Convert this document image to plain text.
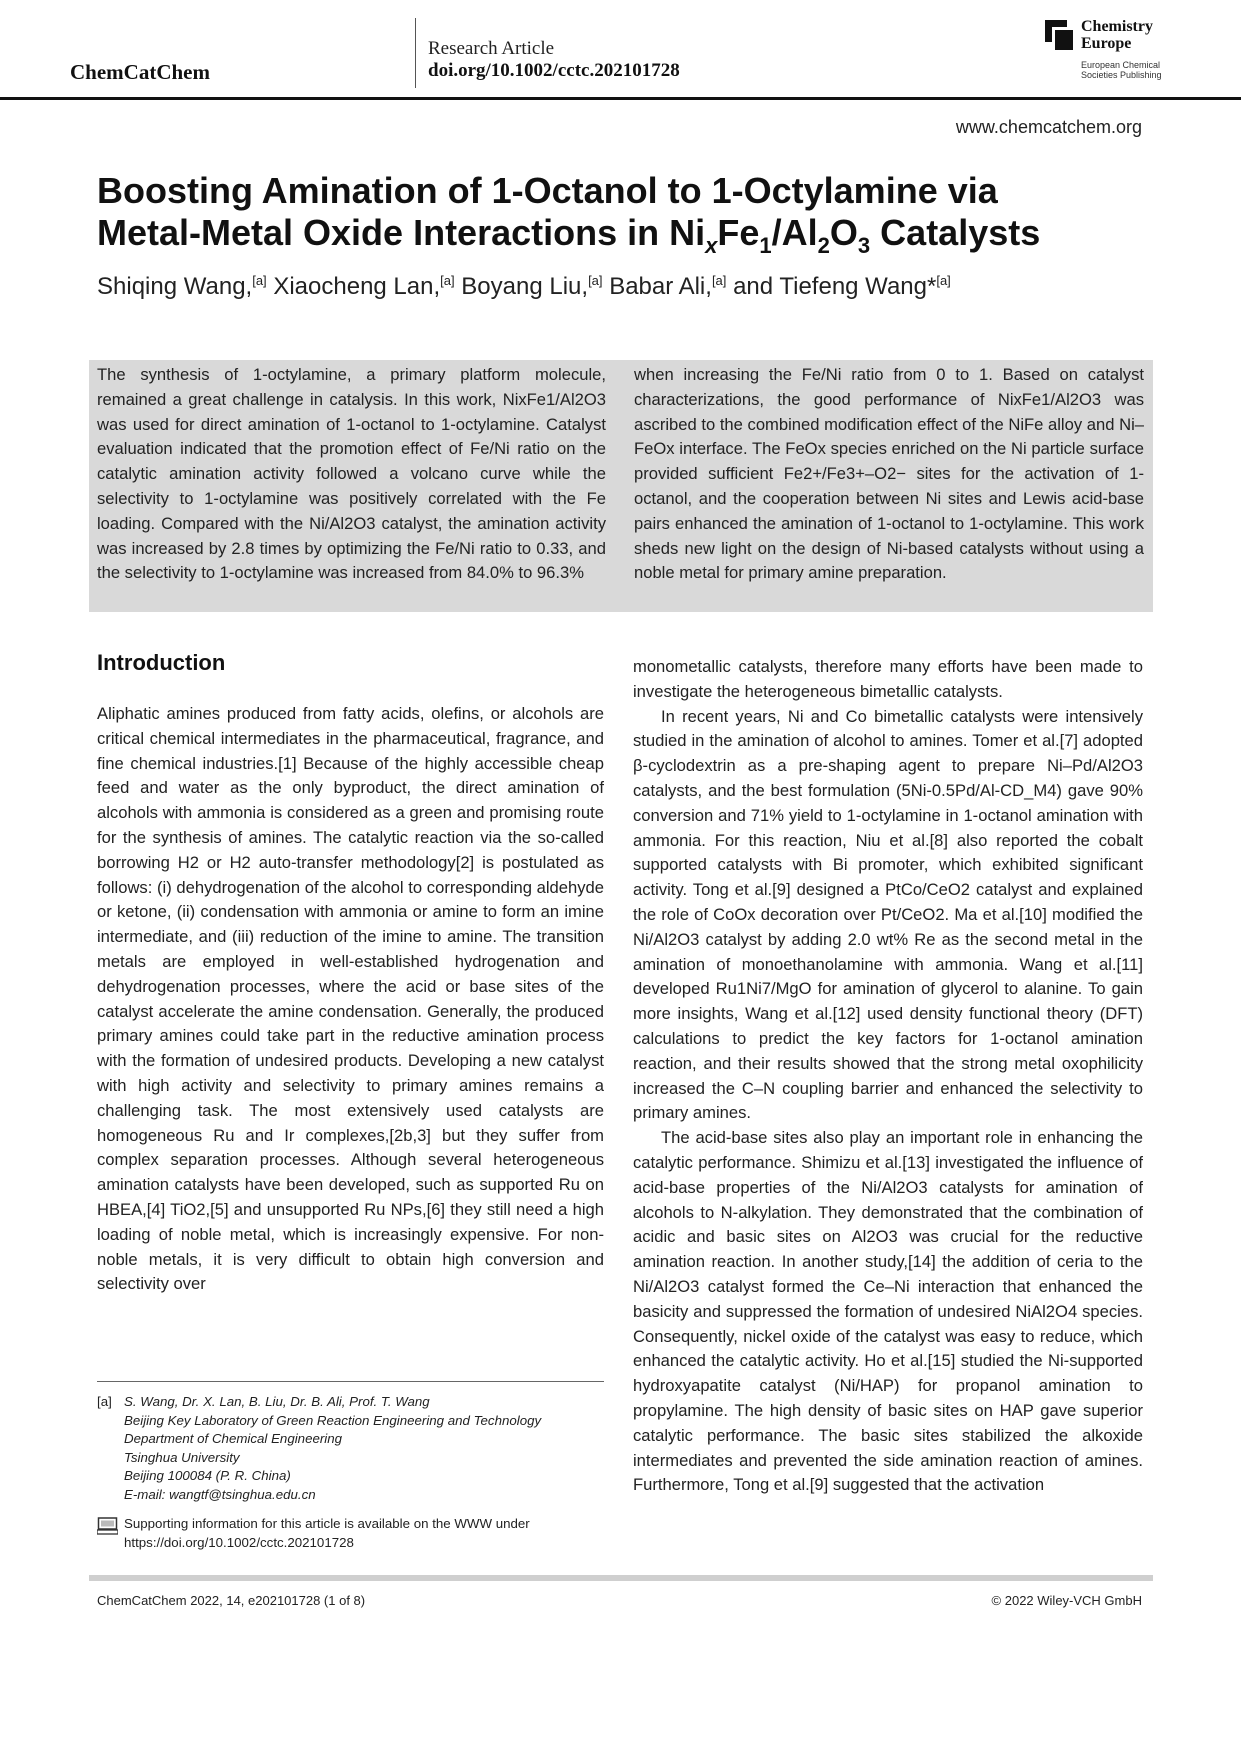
ChemCatChem
Research Article
doi.org/10.1002/cctc.202101728
Chemistry
Europe
European Chemical
Societies Publishing
www.chemcatchem.org
Boosting Amination of 1-Octanol to 1-Octylamine via
Metal-Metal Oxide Interactions in $Ni_xFe_1/Al_2O_3$ Catalysts
Shiqing Wang,[a] Xiaocheng Lan,[a] Boyang Liu,[a] Babar Ali,[a] and Tiefeng Wang*[a]
The synthesis of 1-octylamine, a primary platform molecule, remained a great challenge in catalysis. In this work, NixFe1/Al2O3 was used for direct amination of 1-octanol to 1-octylamine. Catalyst evaluation indicated that the promotion effect of Fe/Ni ratio on the catalytic amination activity followed a volcano curve while the selectivity to 1-octylamine was positively correlated with the Fe loading. Compared with the Ni/Al2O3 catalyst, the amination activity was increased by 2.8 times by optimizing the Fe/Ni ratio to 0.33, and the selectivity to 1-octylamine was increased from 84.0% to 96.3%
when increasing the Fe/Ni ratio from 0 to 1. Based on catalyst characterizations, the good performance of NixFe1/Al2O3 was ascribed to the combined modification effect of the NiFe alloy and Ni–FeOx interface. The FeOx species enriched on the Ni particle surface provided sufficient Fe2+/Fe3+–O2− sites for the activation of 1-octanol, and the cooperation between Ni sites and Lewis acid-base pairs enhanced the amination of 1-octanol to 1-octylamine. This work sheds new light on the design of Ni-based catalysts without using a noble metal for primary amine preparation.
Introduction

Aliphatic amines produced from fatty acids, olefins, or alcohols are critical chemical intermediates in the pharmaceutical, fragrance, and fine chemical industries.[1] Because of the highly accessible cheap feed and water as the only byproduct, the direct amination of alcohols with ammonia is considered as a green and promising route for the synthesis of amines. The catalytic reaction via the so-called borrowing H2 or H2 auto-transfer methodology[2] is postulated as follows: (i) dehydrogenation of the alcohol to corresponding aldehyde or ketone, (ii) condensation with ammonia or amine to form an imine intermediate, and (iii) reduction of the imine to amine. The transition metals are employed in well-established hydrogenation and dehydrogenation processes, where the acid or base sites of the catalyst accelerate the amine condensation. Generally, the produced primary amines could take part in the reductive amination process with the formation of undesired products. Developing a new catalyst with high activity and selectivity to primary amines remains a challenging task. The most extensively used catalysts are homogeneous Ru and Ir complexes,[2b,3] but they suffer from complex separation processes. Although several heterogeneous amination catalysts have been developed, such as supported Ru on HBEA,[4] TiO2,[5] and unsupported Ru NPs,[6] they still need a high loading of noble metal, which is increasingly expensive. For non-noble metals, it is very difficult to obtain high conversion and selectivity over

monometallic catalysts, therefore many efforts have been made to investigate the heterogeneous bimetallic catalysts.

In recent years, Ni and Co bimetallic catalysts were intensively studied in the amination of alcohol to amines. Tomer et al.[7] adopted β-cyclodextrin as a pre-shaping agent to prepare Ni–Pd/Al2O3 catalysts, and the best formulation (5Ni-0.5Pd/Al-CD_M4) gave 90% conversion and 71% yield to 1-octylamine in 1-octanol amination with ammonia. For this reaction, Niu et al.[8] also reported the cobalt supported catalysts with Bi promoter, which exhibited significant activity. Tong et al.[9] designed a PtCo/CeO2 catalyst and explained the role of CoOx decoration over Pt/CeO2. Ma et al.[10] modified the Ni/Al2O3 catalyst by adding 2.0 wt% Re as the second metal in the amination of monoethanolamine with ammonia. Wang et al.[11] developed Ru1Ni7/MgO for amination of glycerol to alanine. To gain more insights, Wang et al.[12] used density functional theory (DFT) calculations to predict the key factors for 1-octanol amination reaction, and their results showed that the strong metal oxophilicity increased the C–N coupling barrier and enhanced the selectivity to primary amines.

The acid-base sites also play an important role in enhancing the catalytic performance. Shimizu et al.[13] investigated the influence of acid-base properties of the Ni/Al2O3 catalysts for amination of alcohols to N-alkylation. They demonstrated that the combination of acidic and basic sites on Al2O3 was crucial for the reductive amination reaction. In another study,[14] the addition of ceria to the Ni/Al2O3 catalyst formed the Ce–Ni interaction that enhanced the basicity and suppressed the formation of undesired NiAl2O4 species. Consequently, nickel oxide of the catalyst was easy to reduce, which enhanced the catalytic activity. Ho et al.[15] studied the Ni-supported hydroxyapatite catalyst (Ni/HAP) for propanol amination to propylamine. The high density of basic sites on HAP gave superior catalytic performance. The basic sites stabilized the alkoxide intermediates and prevented the side amination reaction of amines. Furthermore, Tong et al.[9] suggested that the activation

[a] S. Wang, Dr. X. Lan, B. Liu, Dr. B. Ali, Prof. T. Wang
Beijing Key Laboratory of Green Reaction Engineering and Technology
Department of Chemical Engineering
Tsinghua University
Beijing 100084 (P. R. China)
E-mail: wangtf@tsinghua.edu.cn
Supporting information for this article is available on the WWW under https://doi.org/10.1002/cctc.202101728
ChemCatChem 2022, 14, e202101728 (1 of 8)	© 2022 Wiley-VCH GmbH
